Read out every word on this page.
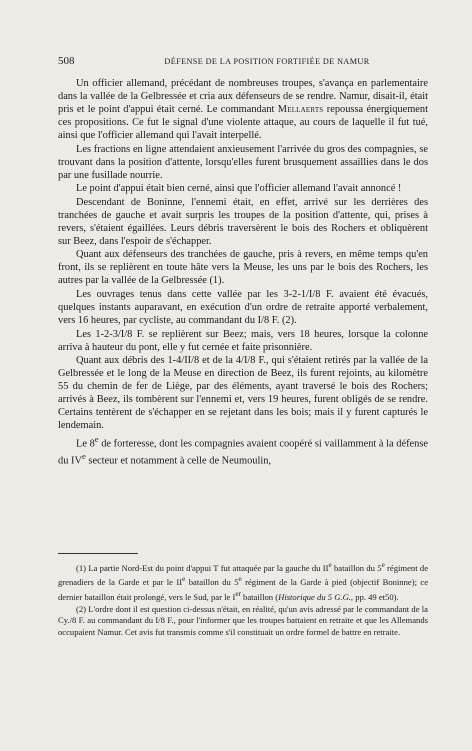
508	DÉFENSE DE LA POSITION FORTIFIÉE DE NAMUR

Un officier allemand, précédant de nombreuses troupes, s'avança en parlementaire dans la vallée de la Gelbressée et cria aux défenseurs de se rendre. Namur, disait-il, était pris et le point d'appui était cerné. Le commandant Mellaerts repoussa énergiquement ces propositions. Ce fut le signal d'une violente attaque, au cours de laquelle il fut tué, ainsi que l'officier allemand qui l'avait interpellé.

Les fractions en ligne attendaient anxieusement l'arrivée du gros des compagnies, se trouvant dans la position d'attente, lorsqu'elles furent brusquement assaillies dans le dos par une fusillade nourrie.

Le point d'appui était bien cerné, ainsi que l'officier allemand l'avait annoncé !

Descendant de Boninne, l'ennemi était, en effet, arrivé sur les derrières des tranchées de gauche et avait surpris les troupes de la position d'attente, qui, prises à revers, s'étaient égaillées. Leurs débris traversèrent le bois des Rochers et obliquèrent sur Beez, dans l'espoir de s'échapper.

Quant aux défenseurs des tranchées de gauche, pris à revers, en même temps qu'en front, ils se replièrent en toute hâte vers la Meuse, les uns par le bois des Rochers, les autres par la vallée de la Gelbressée (1).

Les ouvrages tenus dans cette vallée par les 3-2-1/I/8 F. avaient été évacués, quelques instants auparavant, en exécution d'un ordre de retraite apporté verbalement, vers 16 heures, par cycliste, au commandant du I/8 F. (2).

Les 1-2-3/I/8 F. se replièrent sur Beez; mais, vers 18 heures, lorsque la colonne arriva à hauteur du pont, elle y fut cernée et faite prisonnière.

Quant aux débris des 1-4/II/8 et de la 4/I/8 F., qui s'étaient retirés par la vallée de la Gelbressée et le long de la Meuse en direction de Beez, ils furent rejoints, au kilomètre 55 du chemin de fer de Liège, par des éléments, ayant traversé le bois des Rochers; arrivés à Beez, ils tombèrent sur l'ennemi et, vers 19 heures, furent obligés de se rendre. Certains tentèrent de s'échapper en se rejetant dans les bois; mais il y furent capturés le lendemain.

Le 8e de forteresse, dont les compagnies avaient coopéré si vaillamment à la défense du IVe secteur et notamment à celle de Neumoulin,

(1) La partie Nord-Est du point d'appui T fut attaquée par la gauche du IIe bataillon du 5e régiment de grenadiers de la Garde et par le IIe bataillon du 5e régiment de la Garde à pied (objectif Boninne); ce dernier bataillon était prolongé, vers le Sud, par le Ier bataillon (Historique du 5 G.G., pp. 49 et50).

(2) L'ordre dont il est question ci-dessus n'était, en réalité, qu'un avis adressé par le commandant de la Cy./8 F. au commandant du I/8 F., pour l'informer que les troupes battaient en retraite et que les Allemands occupaient Namur. Cet avis fut transmis comme s'il constituait un ordre formel de battre en retraite.
